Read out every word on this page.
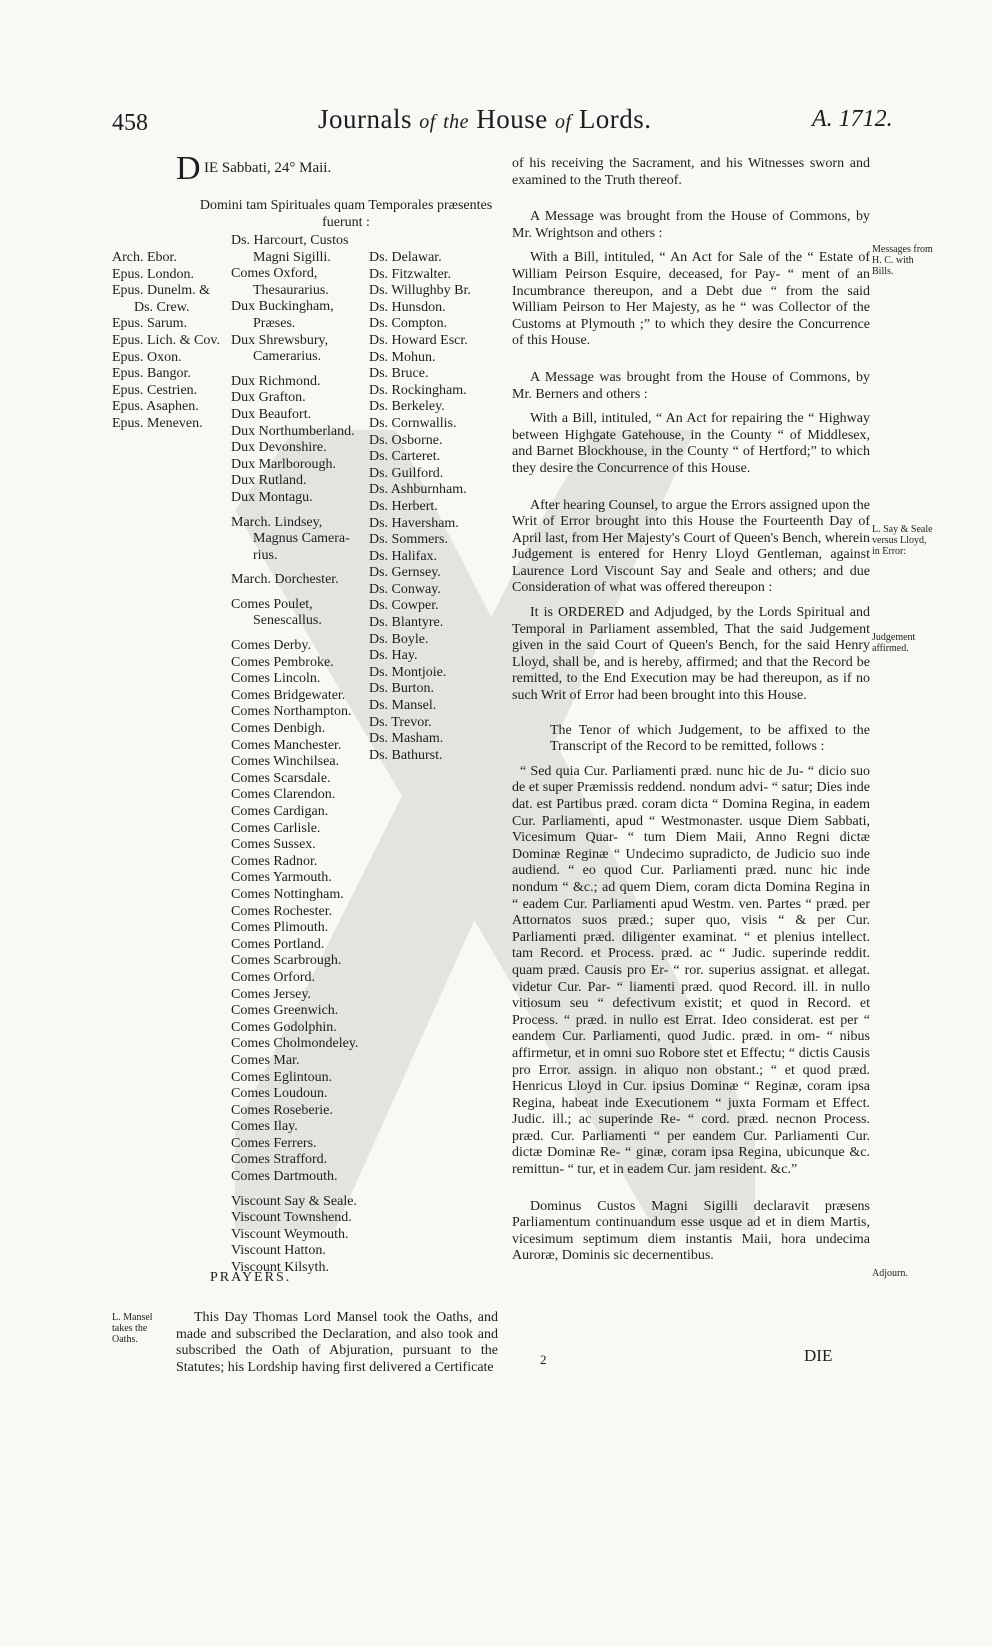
458	Journals of the House of Lords.	A. 1712.
D IE Sabbati, 24° Maii.
Domini tam Spirituales quam Temporales præsentes
fuerunt :
Arch. Ebor.
Epus. London.
Epus. Dunelm. &
Ds. Crew.
Epus. Sarum.
Epus. Lich. & Cov.
Epus. Oxon.
Epus. Bangor.
Epus. Cestrien.
Epus. Asaphen.
Epus. Meneven.
Ds. Harcourt, Custos
Magni Sigilli.
Comes Oxford,
Thesaurarius.
Dux Buckingham,
Præses.
Dux Shrewsbury,
Camerarius.
Dux Richmond.
Dux Grafton.
Dux Beaufort.
Dux Northumberland.
Dux Devonshire.
Dux Marlborough.
Dux Rutland.
Dux Montagu.
March. Lindsey,
Magnus Camera-
rius.
March. Dorchester.
Comes Poulet,
Senescallus.
Comes Derby.
Comes Pembroke.
Comes Lincoln.
Comes Bridgewater.
Comes Northampton.
Comes Denbigh.
Comes Manchester.
Comes Winchilsea.
Comes Scarsdale.
Comes Clarendon.
Comes Cardigan.
Comes Carlisle.
Comes Sussex.
Comes Radnor.
Comes Yarmouth.
Comes Nottingham.
Comes Rochester.
Comes Plimouth.
Comes Portland.
Comes Scarbrough.
Comes Orford.
Comes Jersey.
Comes Greenwich.
Comes Godolphin.
Comes Cholmondeley.
Comes Mar.
Comes Eglintoun.
Comes Loudoun.
Comes Roseberie.
Comes Ilay.
Comes Ferrers.
Comes Strafford.
Comes Dartmouth.
Viscount Say & Seale.
Viscount Townshend.
Viscount Weymouth.
Viscount Hatton.
Viscount Kilsyth.
Ds. Delawar.
Ds. Fitzwalter.
Ds. Willughby Br.
Ds. Hunsdon.
Ds. Compton.
Ds. Howard Escr.
Ds. Mohun.
Ds. Bruce.
Ds. Rockingham.
Ds. Berkeley.
Ds. Cornwallis.
Ds. Osborne.
Ds. Carteret.
Ds. Guilford.
Ds. Ashburnham.
Ds. Herbert.
Ds. Haversham.
Ds. Sommers.
Ds. Halifax.
Ds. Gernsey.
Ds. Conway.
Ds. Cowper.
Ds. Blantyre.
Ds. Boyle.
Ds. Hay.
Ds. Montjoie.
Ds. Burton.
Ds. Mansel.
Ds. Trevor.
Ds. Masham.
Ds. Bathurst.
PRAYERS.
L. Mansel takes the Oaths.

This Day Thomas Lord Mansel took the Oaths, and made and subscribed the Declaration, and also took and subscribed the Oath of Abjuration, pursuant to the Statutes; his Lordship having first delivered a Certificate

of his receiving the Sacrament, and his Witnesses sworn and examined to the Truth thereof.

A Message was brought from the House of Commons, by Mr. Wrightson and others :

With a Bill, intituled, “ An Act for Sale of the “ Estate of William Peirson Esquire, deceased, for Pay- “ ment of an Incumbrance thereupon, and a Debt due “ from the said William Peirson to Her Majesty, as he “ was Collector of the Customs at Plymouth ;” to which they desire the Concurrence of this House.

A Message was brought from the House of Commons, by Mr. Berners and others :

With a Bill, intituled, “ An Act for repairing the “ Highway between Highgate Gatehouse, in the County “ of Middlesex, and Barnet Blockhouse, in the County “ of Hertford;” to which they desire the Concurrence of this House.

After hearing Counsel, to argue the Errors assigned upon the Writ of Error brought into this House the Fourteenth Day of April last, from Her Majesty's Court of Queen's Bench, wherein Judgement is entered for Henry Lloyd Gentleman, against Laurence Lord Viscount Say and Seale and others; and due Consideration of what was offered thereupon :

It is ORDERED and Adjudged, by the Lords Spiritual and Temporal in Parliament assembled, That the said Judgement given in the said Court of Queen's Bench, for the said Henry Lloyd, shall be, and is hereby, affirmed; and that the Record be remitted, to the End Execution may be had thereupon, as if no such Writ of Error had been brought into this House.

The Tenor of which Judgement, to be affixed to the Transcript of the Record to be remitted, follows :

“ Sed quia Cur. Parliamenti præd. nunc hic de Ju- “ dicio suo de et super Præmissis reddend. nondum advi- “ satur; Dies inde dat. est Partibus præd. coram dicta “ Domina Regina, in eadem Cur. Parliamenti, apud “ Westmonaster. usque Diem Sabbati, Vicesimum Quar- “ tum Diem Maii, Anno Regni dictæ Dominæ Reginæ “ Undecimo supradicto, de Judicio suo inde audiend. “ eo quod Cur. Parliamenti præd. nunc hic inde nondum “ &c.; ad quem Diem, coram dicta Domina Regina in “ eadem Cur. Parliamenti apud Westm. ven. Partes “ præd. per Attornatos suos præd.; super quo, visis “ & per Cur. Parliamenti præd. diligenter examinat. “ et plenius intellect. tam Record. et Process. præd. ac “ Judic. superinde reddit. quam præd. Causis pro Er- “ ror. superius assignat. et allegat. videtur Cur. Par- “ liamenti præd. quod Record. ill. in nullo vitiosum seu “ defectivum existit; et quod in Record. et Process. “ præd. in nullo est Errat. Ideo considerat. est per “ eandem Cur. Parliamenti, quod Judic. præd. in om- “ nibus affirmetur, et in omni suo Robore stet et Effectu; “ dictis Causis pro Error. assign. in aliquo non obstant.; “ et quod præd. Henricus Lloyd in Cur. ipsius Dominæ “ Reginæ, coram ipsa Regina, habeat inde Executionem “ juxta Formam et Effect. Judic. ill.; ac superinde Re- “ cord. præd. necnon Process. præd. Cur. Parliamenti “ per eandem Cur. Parliamenti Cur. dictæ Dominæ Re- “ ginæ, coram ipsa Regina, ubicunque &c. remittun- “ tur, et in eadem Cur. jam resident. &c.”

Dominus Custos Magni Sigilli declaravit præsens Parliamentum continuandum esse usque ad et in diem Martis, vicesimum septimum diem instantis Maii, hora undecima Auroræ, Dominis sic decernentibus.

Messages from H. C. with Bills.
L. Say & Seale versus Lloyd, in Error:
Judgement affirmed.
Adjourn.
2	DIE
